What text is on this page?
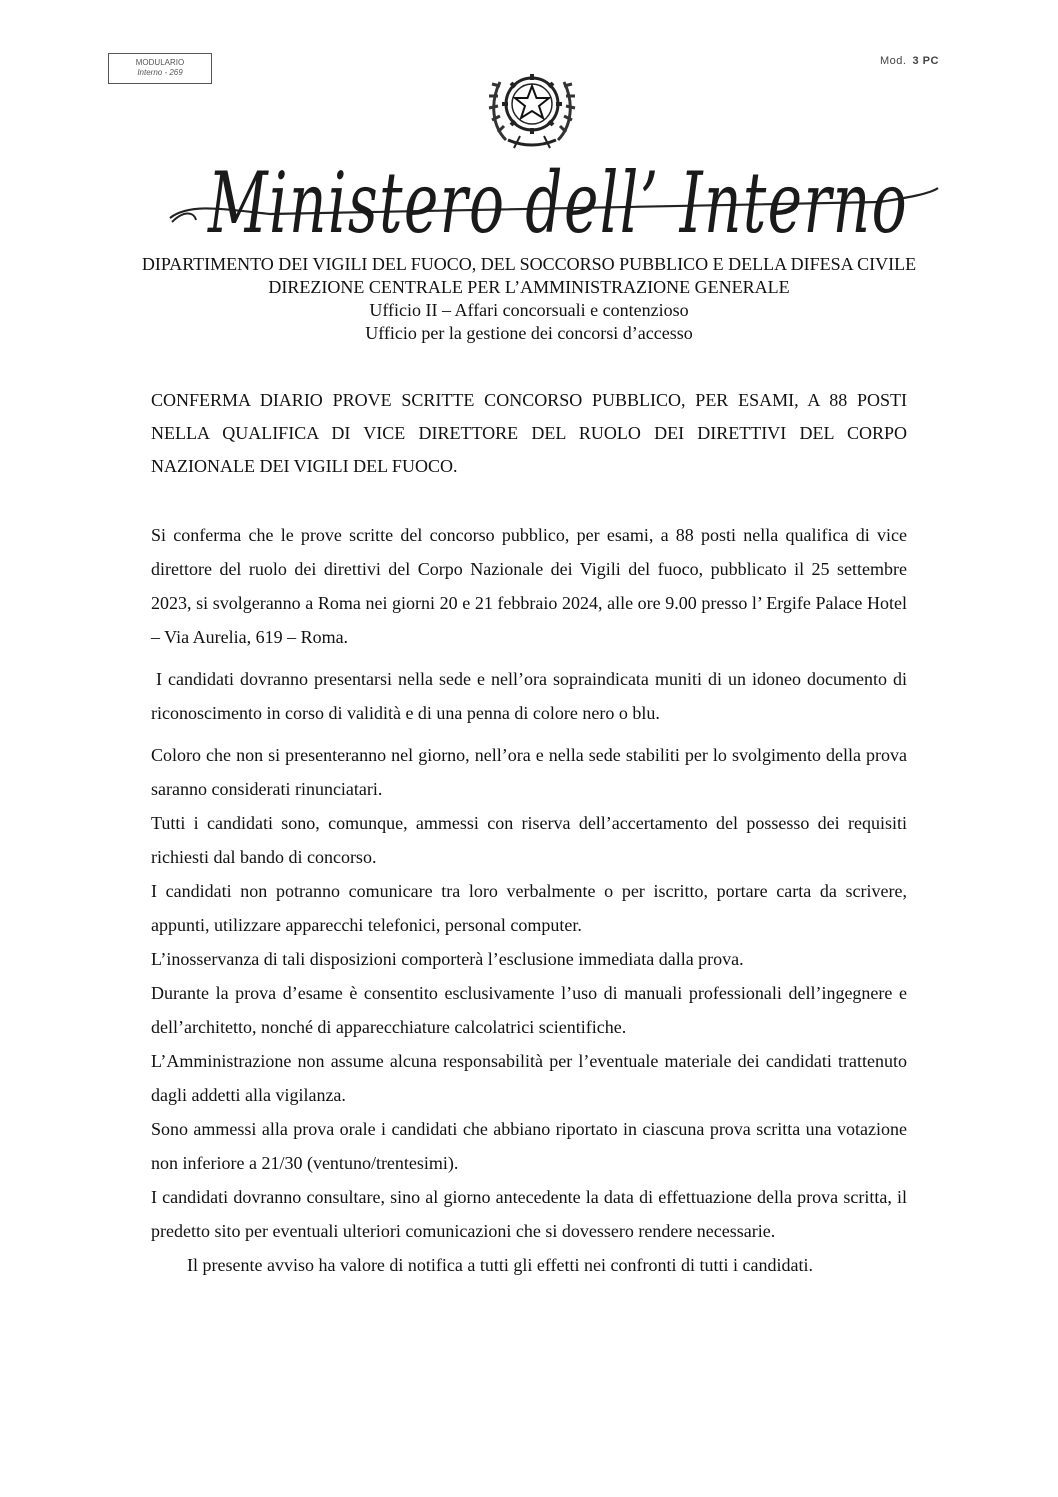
MODULARIO
Interno - 269
Mod. 3 PC
Ministero dell’ Interno
DIPARTIMENTO DEI VIGILI DEL FUOCO, DEL SOCCORSO PUBBLICO E DELLA DIFESA CIVILE
DIREZIONE CENTRALE PER L’AMMINISTRAZIONE GENERALE
Ufficio II – Affari concorsuali e contenzioso
Ufficio per la gestione dei concorsi d’accesso
CONFERMA DIARIO PROVE SCRITTE CONCORSO PUBBLICO, PER ESAMI, A 88 POSTI NELLA QUALIFICA DI VICE DIRETTORE DEL RUOLO DEI DIRETTIVI DEL CORPO NAZIONALE DEI VIGILI DEL FUOCO.

Si conferma che le prove scritte del concorso pubblico, per esami, a 88 posti nella qualifica di vice direttore del ruolo dei direttivi del Corpo Nazionale dei Vigili del fuoco, pubblicato il 25 settembre 2023, si svolgeranno a Roma nei giorni 20 e 21 febbraio 2024, alle ore 9.00 presso l’ Ergife Palace Hotel – Via Aurelia, 619 – Roma.

I candidati dovranno presentarsi nella sede e nell’ora sopraindicata muniti di un idoneo documento di riconoscimento in corso di validità e di una penna di colore nero o blu.

Coloro che non si presenteranno nel giorno, nell’ora e nella sede stabiliti per lo svolgimento della prova saranno considerati rinunciatari.

Tutti i candidati sono, comunque, ammessi con riserva dell’accertamento del possesso dei requisiti richiesti dal bando di concorso.

I candidati non potranno comunicare tra loro verbalmente o per iscritto, portare carta da scrivere, appunti, utilizzare apparecchi telefonici, personal computer.

L’inosservanza di tali disposizioni comporterà l’esclusione immediata dalla prova.

Durante la prova d’esame è consentito esclusivamente l’uso di manuali professionali dell’ingegnere e dell’architetto, nonché di apparecchiature calcolatrici scientifiche.

L’Amministrazione non assume alcuna responsabilità per l’eventuale materiale dei candidati trattenuto dagli addetti alla vigilanza.

Sono ammessi alla prova orale i candidati che abbiano riportato in ciascuna prova scritta una votazione non inferiore a 21/30 (ventuno/trentesimi).

I candidati dovranno consultare, sino al giorno antecedente la data di effettuazione della prova scritta, il predetto sito per eventuali ulteriori comunicazioni che si dovessero rendere necessarie.

Il presente avviso ha valore di notifica a tutti gli effetti nei confronti di tutti i candidati.
